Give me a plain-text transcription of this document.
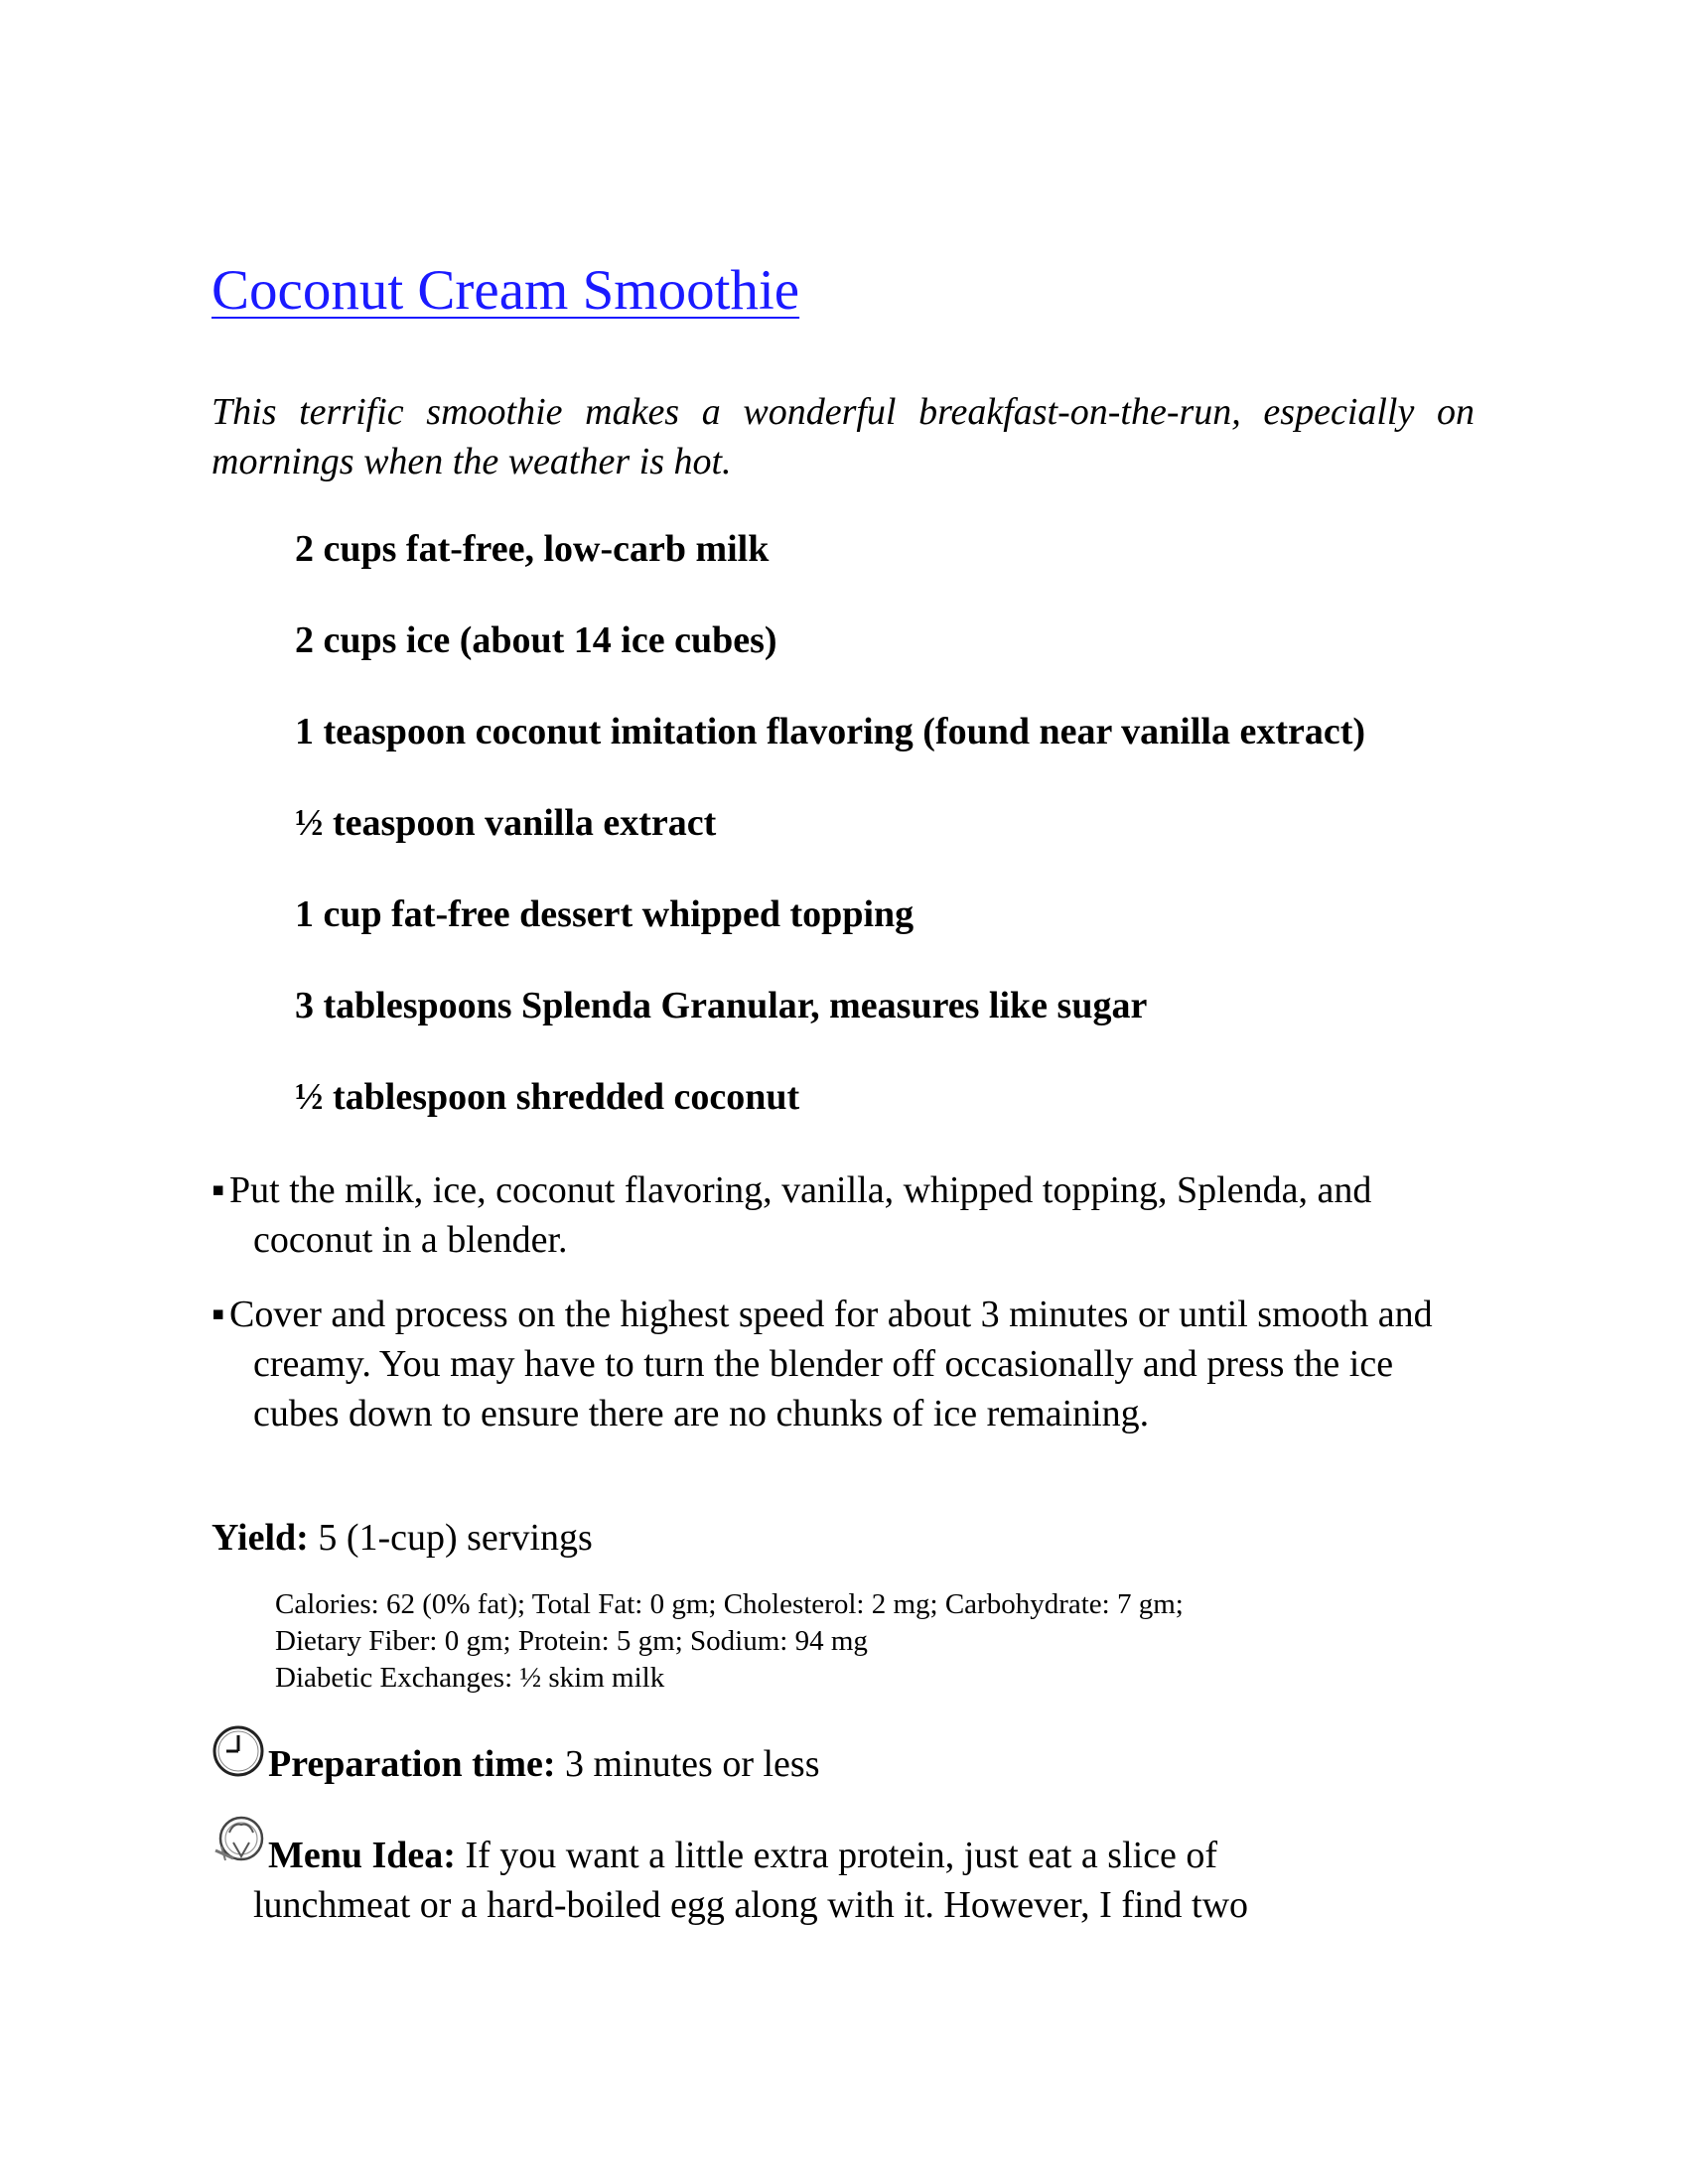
Coconut Cream Smoothie

This terrific smoothie makes a wonderful breakfast-on-the-run, especially on mornings when the weather is hot.

2 cups fat-free, low-carb milk
2 cups ice (about 14 ice cubes)
1 teaspoon coconut imitation flavoring (found near vanilla extract)
½ teaspoon vanilla extract
1 cup fat-free dessert whipped topping
3 tablespoons Splenda Granular, measures like sugar
½ tablespoon shredded coconut
▪ Put the milk, ice, coconut flavoring, vanilla, whipped topping, Splenda, and coconut in a blender.
▪ Cover and process on the highest speed for about 3 minutes or until smooth and creamy. You may have to turn the blender off occasionally and press the ice cubes down to ensure there are no chunks of ice remaining.
Yield: 5 (1-cup) servings
Calories: 62 (0% fat); Total Fat: 0 gm; Cholesterol: 2 mg; Carbohydrate: 7 gm;
Dietary Fiber: 0 gm; Protein: 5 gm; Sodium: 94 mg
Diabetic Exchanges: ½ skim milk
Preparation time: 3 minutes or less
Menu Idea: If you want a little extra protein, just eat a slice of
lunchmeat or a hard-boiled egg along with it. However, I find two
